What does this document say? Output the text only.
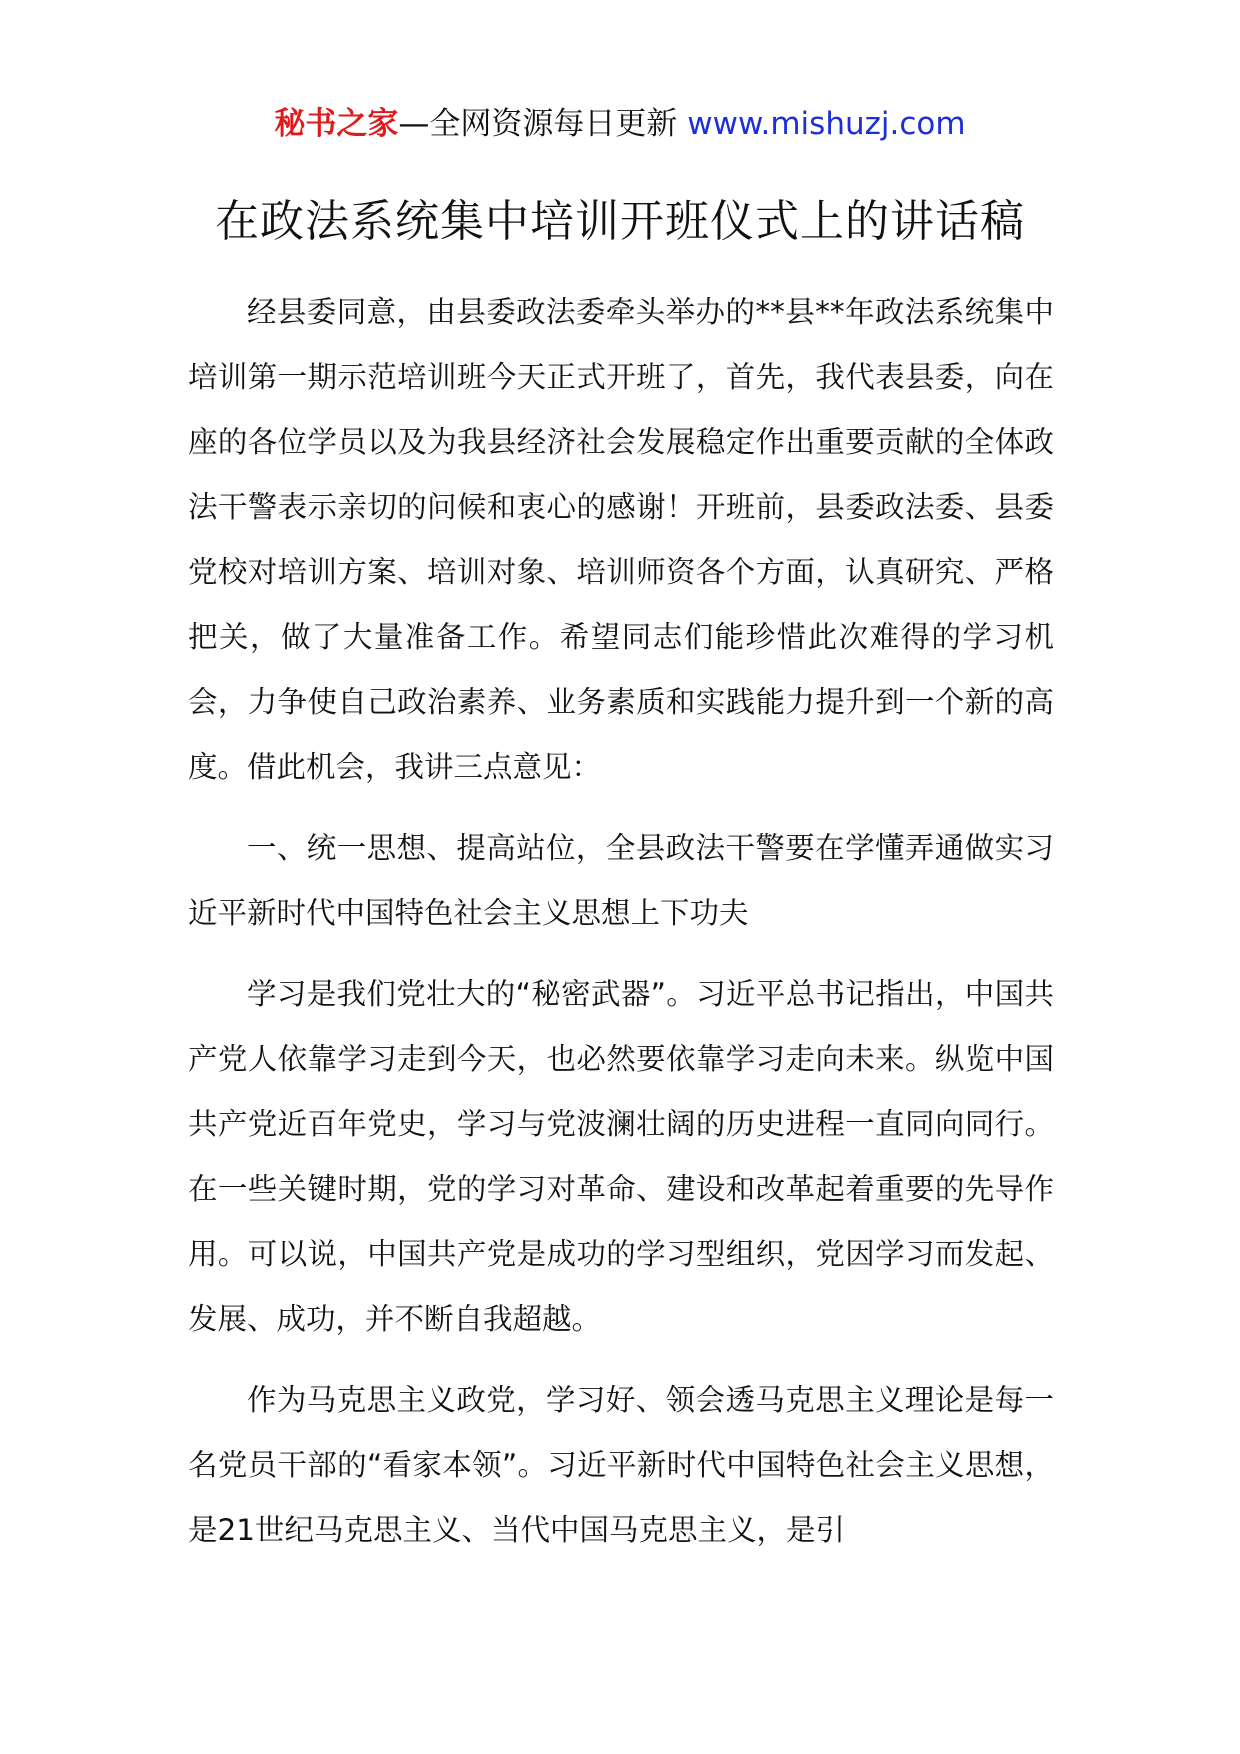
秘书之家—全网资源每日更新 www.mishuzj.com
在政法系统集中培训开班仪式上的讲话稿

经县委同意，由县委政法委牵头举办的**县**年政法系统集中培训第一期示范培训班今天正式开班了，首先，我代表县委，向在座的各位学员以及为我县经济社会发展稳定作出重要贡献的全体政法干警表示亲切的问候和衷心的感谢！开班前，县委政法委、县委党校对培训方案、培训对象、培训师资各个方面，认真研究、严格把关，做了大量准备工作。希望同志们能珍惜此次难得的学习机会，力争使自己政治素养、业务素质和实践能力提升到一个新的高度。借此机会，我讲三点意见：

一、统一思想、提高站位，全县政法干警要在学懂弄通做实习近平新时代中国特色社会主义思想上下功夫

学习是我们党壮大的“秘密武器”。习近平总书记指出，中国共产党人依靠学习走到今天，也必然要依靠学习走向未来。纵览中国共产党近百年党史，学习与党波澜壮阔的历史进程一直同向同行。在一些关键时期，党的学习对革命、建设和改革起着重要的先导作用。可以说，中国共产党是成功的学习型组织，党因学习而发起、发展、成功，并不断自我超越。

作为马克思主义政党，学习好、领会透马克思主义理论是每一名党员干部的“看家本领”。习近平新时代中国特色社会主义思想，是21世纪马克思主义、当代中国马克思主义，是引
